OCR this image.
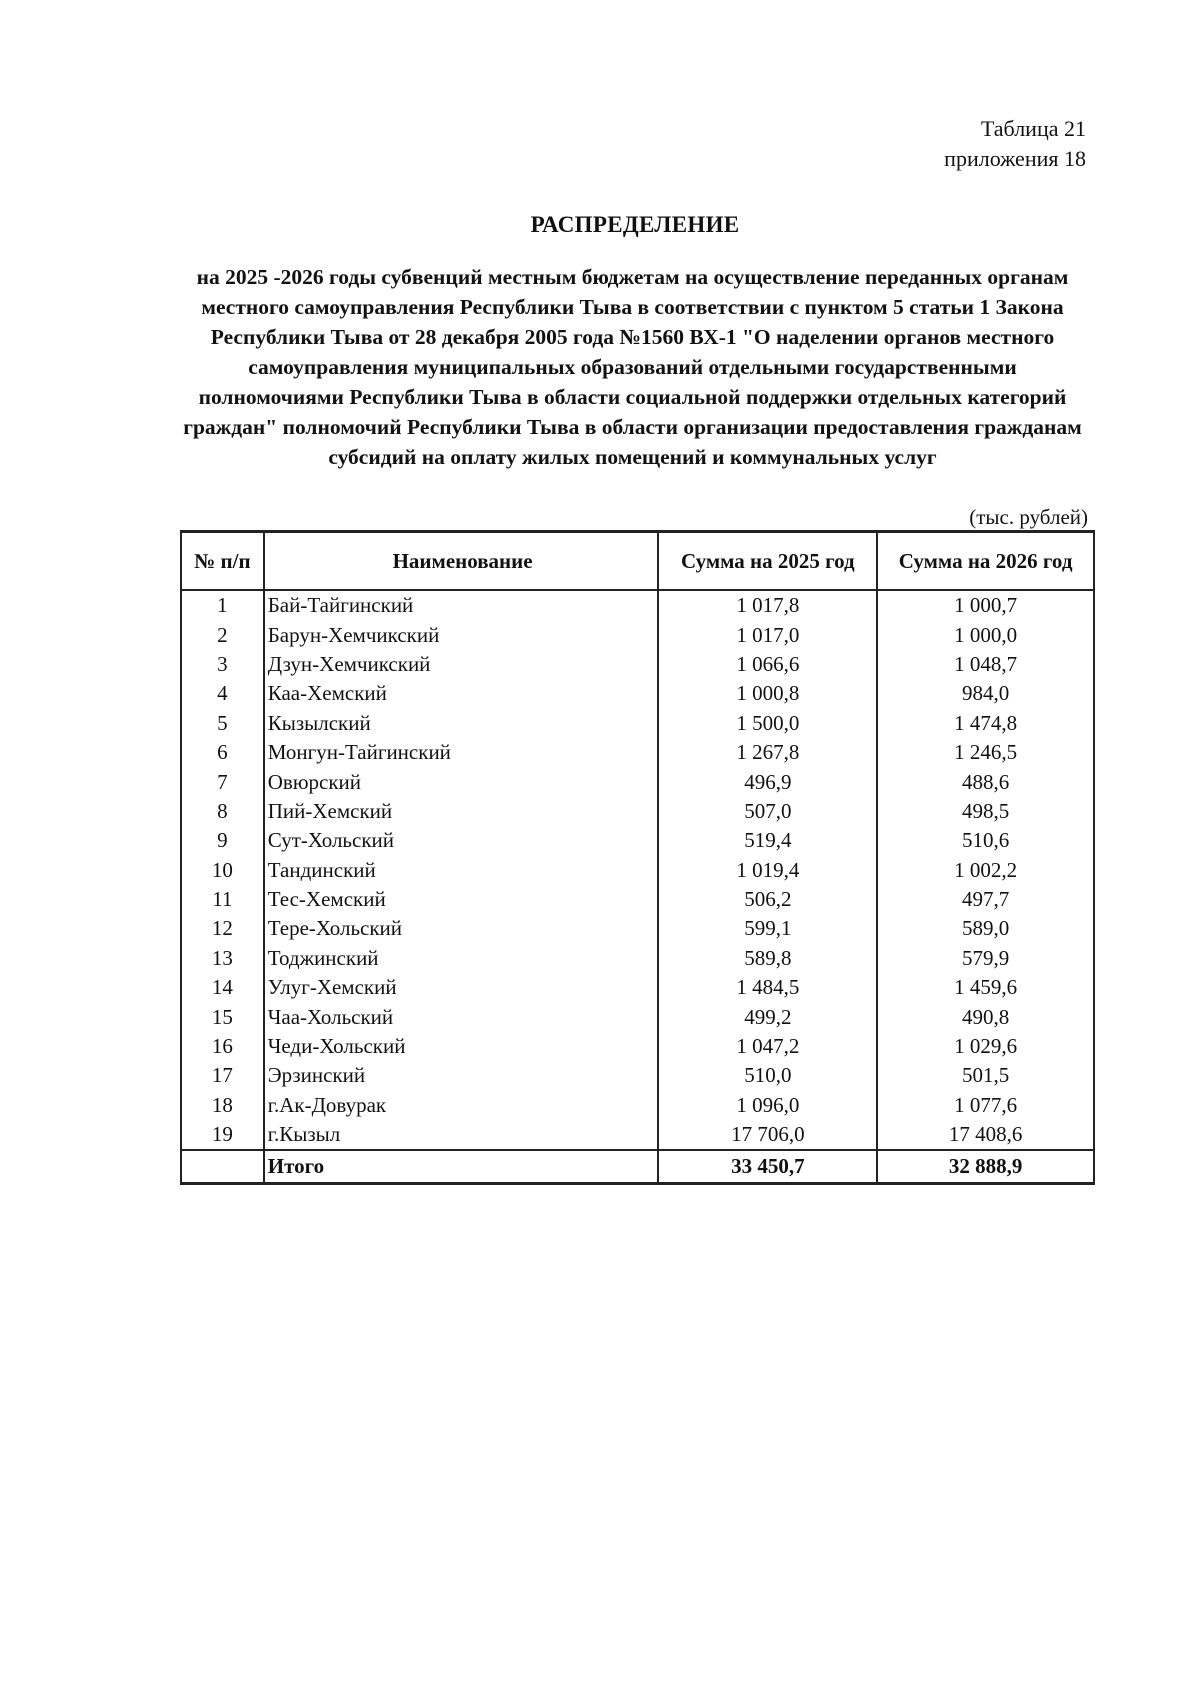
Таблица 21
приложения 18
РАСПРЕДЕЛЕНИЕ
на 2025 -2026 годы субвенций местным бюджетам на осуществление переданных органам местного самоуправления Республики Тыва в соответствии с пунктом 5 статьи 1 Закона Республики Тыва от 28 декабря 2005 года №1560 ВХ-1 "О наделении органов местного самоуправления муниципальных образований отдельными государственными полномочиями Республики Тыва в области социальной поддержки отдельных категорий граждан" полномочий Республики Тыва в области организации предоставления гражданам субсидий на оплату жилых помещений и коммунальных услуг
(тыс. рублей)
№ п/п	Наименование	Сумма на 2025 год	Сумма на 2026 год
1	Бай-Тайгинский	1 017,8	1 000,7
2	Барун-Хемчикский	1 017,0	1 000,0
3	Дзун-Хемчикский	1 066,6	1 048,7
4	Каа-Хемский	1 000,8	984,0
5	Кызылский	1 500,0	1 474,8
6	Монгун-Тайгинский	1 267,8	1 246,5
7	Овюрский	496,9	488,6
8	Пий-Хемский	507,0	498,5
9	Сут-Хольский	519,4	510,6
10	Тандинский	1 019,4	1 002,2
11	Тес-Хемский	506,2	497,7
12	Тере-Хольский	599,1	589,0
13	Тоджинский	589,8	579,9
14	Улуг-Хемский	1 484,5	1 459,6
15	Чаа-Хольский	499,2	490,8
16	Чеди-Хольский	1 047,2	1 029,6
17	Эрзинский	510,0	501,5
18	г.Ак-Довурак	1 096,0	1 077,6
19	г.Кызыл	17 706,0	17 408,6
	Итого	33 450,7	32 888,9
